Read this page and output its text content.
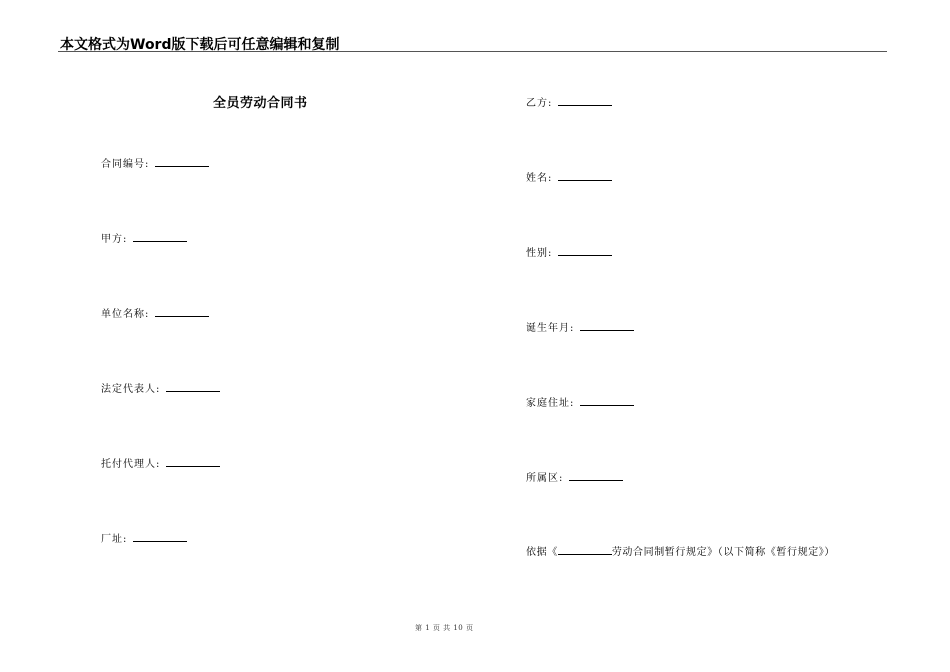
本文格式为Word版下载后可任意编辑和复制
全员劳动合同书
合同编号:
甲方:
单位名称:
法定代表人:
托付代理人:
厂址:
乙方:
姓名:
性别:
诞生年月:
家庭住址:
所属区:
依据《	劳动合同制暂行规定》（以下简称《暂行规定》）
第 1 页 共 10 页
